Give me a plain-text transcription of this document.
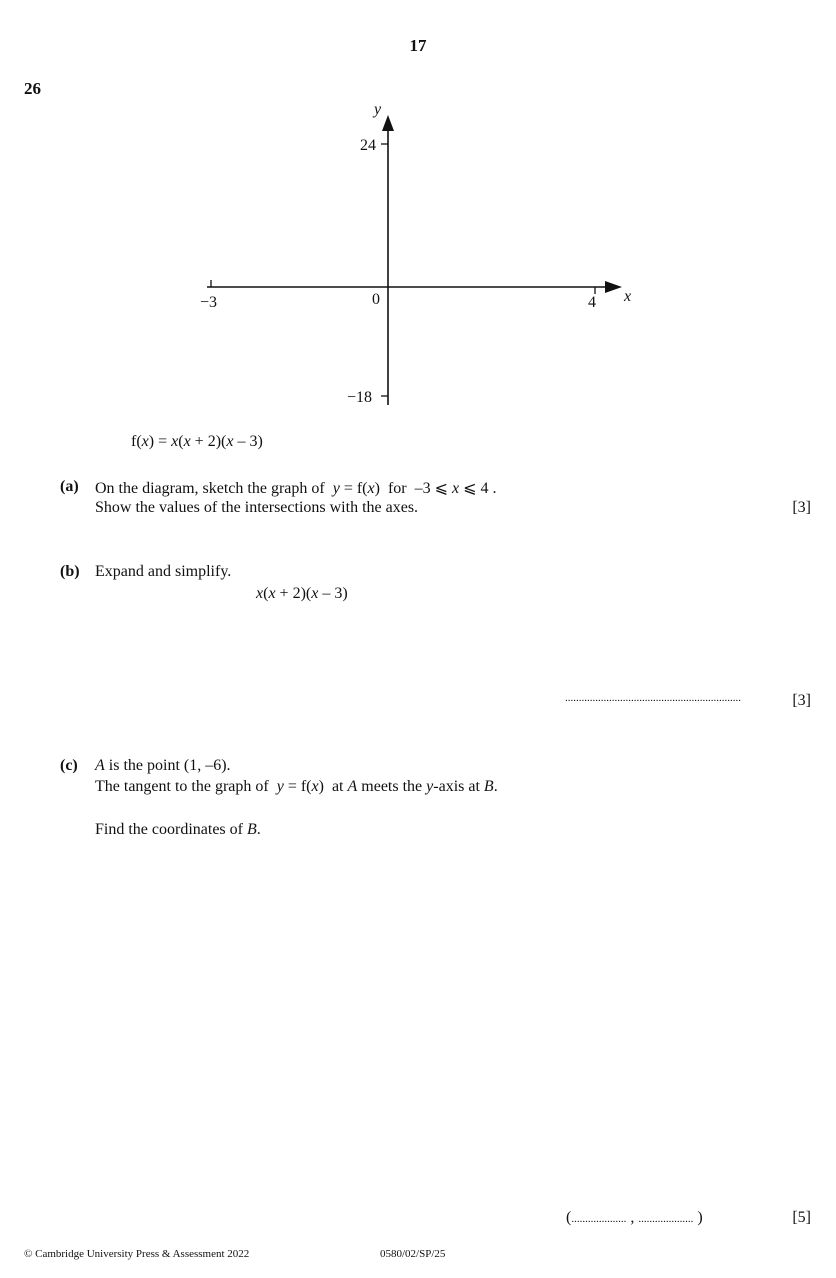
17
26
y
24
−18
−3	0	4 x
f(x) = x(x + 2)(x – 3)
(a) On the diagram, sketch the graph of y = f(x) for –3 ⩽ x ⩽ 4 .
Show the values of the intersections with the axes.	[3]
(b) Expand and simplify.
x(x + 2)(x – 3)
................................................................	[3]
(c) A is the point (1, –6).
The tangent to the graph of y = f(x) at A meets the y-axis at B.
Find the coordinates of B.
(.................... , .................... )	[5]
© Cambridge University Press & Assessment 2022	0580/02/SP/25
